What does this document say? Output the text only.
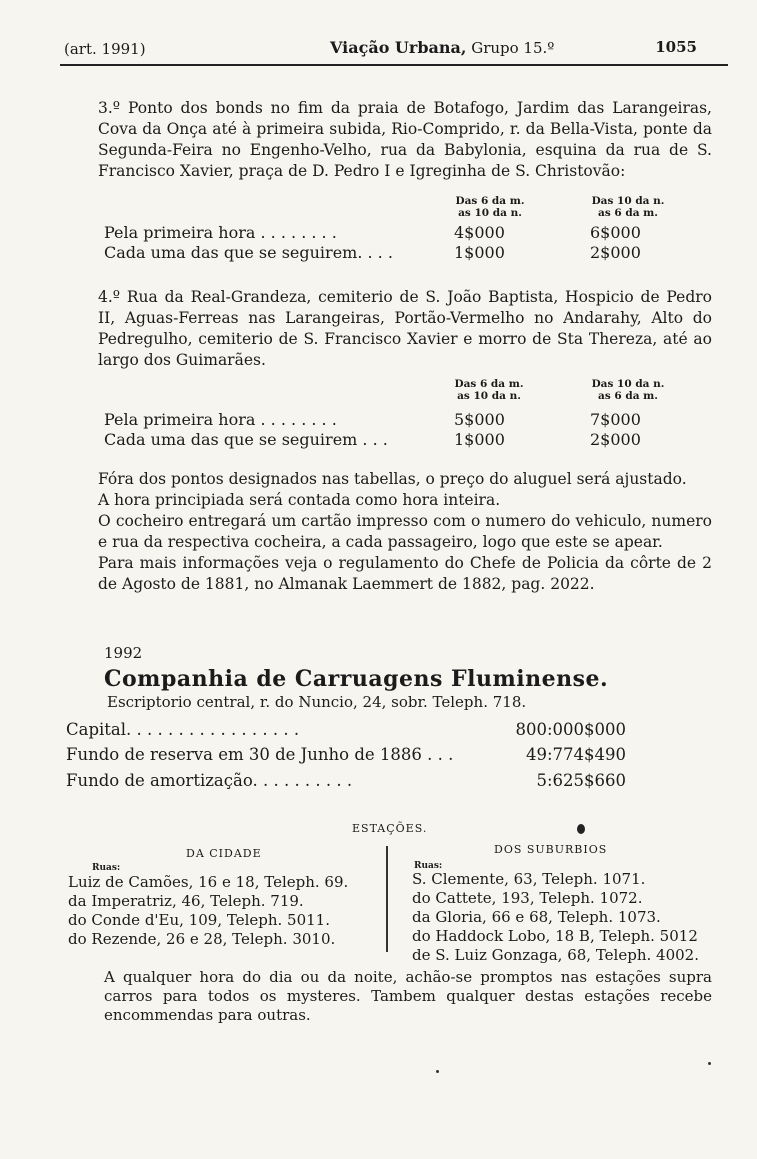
(art. 1991)	Viação Urbana, Grupo 15.º	1055
3.º Ponto dos bonds no fim da praia de Botafogo, Jardim das Larangeiras, Cova da Onça até à primeira subida, Rio-Comprido, r. da Bella-Vista, ponte da Segunda-Feira no Engenho-Velho, rua da Babylonia, esquina da rua de S. Francisco Xavier, praça de D. Pedro I e Igreginha de S. Christovão:
Das 6 da m. as 10 da n.
Das 10 da n. as 6 da m.
Pela primeira hora . . . . . . . .	4$000	6$000
Cada uma das que se seguirem. . . .	1$000	2$000
4.º Rua da Real-Grandeza, cemiterio de S. João Baptista, Hospicio de Pedro II, Aguas-Ferreas nas Larangeiras, Portão-Vermelho no Andarahy, Alto do Pedregulho, cemiterio de S. Francisco Xavier e morro de Sta Thereza, até ao largo dos Guimarães.
Das 6 da m. as 10 da n.
Das 10 da n. as 6 da m.
Pela primeira hora . . . . . . . .	5$000	7$000
Cada uma das que se seguirem . . .	1$000	2$000
Fóra dos pontos designados nas tabellas, o preço do aluguel será ajustado.
A hora principiada será contada como hora inteira.
O cocheiro entregará um cartão impresso com o numero do vehiculo, numero e rua da respectiva cocheira, a cada passageiro, logo que este se apear.
Para mais informações veja o regulamento do Chefe de Policia da côrte de 2 de Agosto de 1881, no Almanak Laemmert de 1882, pag. 2022.
1992
Companhia de Carruagens Fluminense.
Escriptorio central, r. do Nuncio, 24, sobr. Teleph. 718.
Capital. . . . . . . . . . . . . . . . .	800:000$000
Fundo de reserva em 30 de Junho de 1886 . . .	49:774$490
Fundo de amortização. . . . . . . . . .	5:625$660
ESTAÇÕES.
DA CIDADE	DOS SUBURBIOS
Ruas:	Ruas:
Luiz de Camões, 16 e 18, Teleph. 69.
da Imperatriz, 46, Teleph. 719.
do Conde d'Eu, 109, Teleph. 5011.
do Rezende, 26 e 28, Teleph. 3010.
S. Clemente, 63, Teleph. 1071.
do Cattete, 193, Teleph. 1072.
da Gloria, 66 e 68, Teleph. 1073.
do Haddock Lobo, 18 B, Teleph. 5012
de S. Luiz Gonzaga, 68, Teleph. 4002.
A qualquer hora do dia ou da noite, achão-se promptos nas estações supra carros para todos os mysteres. Tambem qualquer destas estações recebe encommendas para outras.
